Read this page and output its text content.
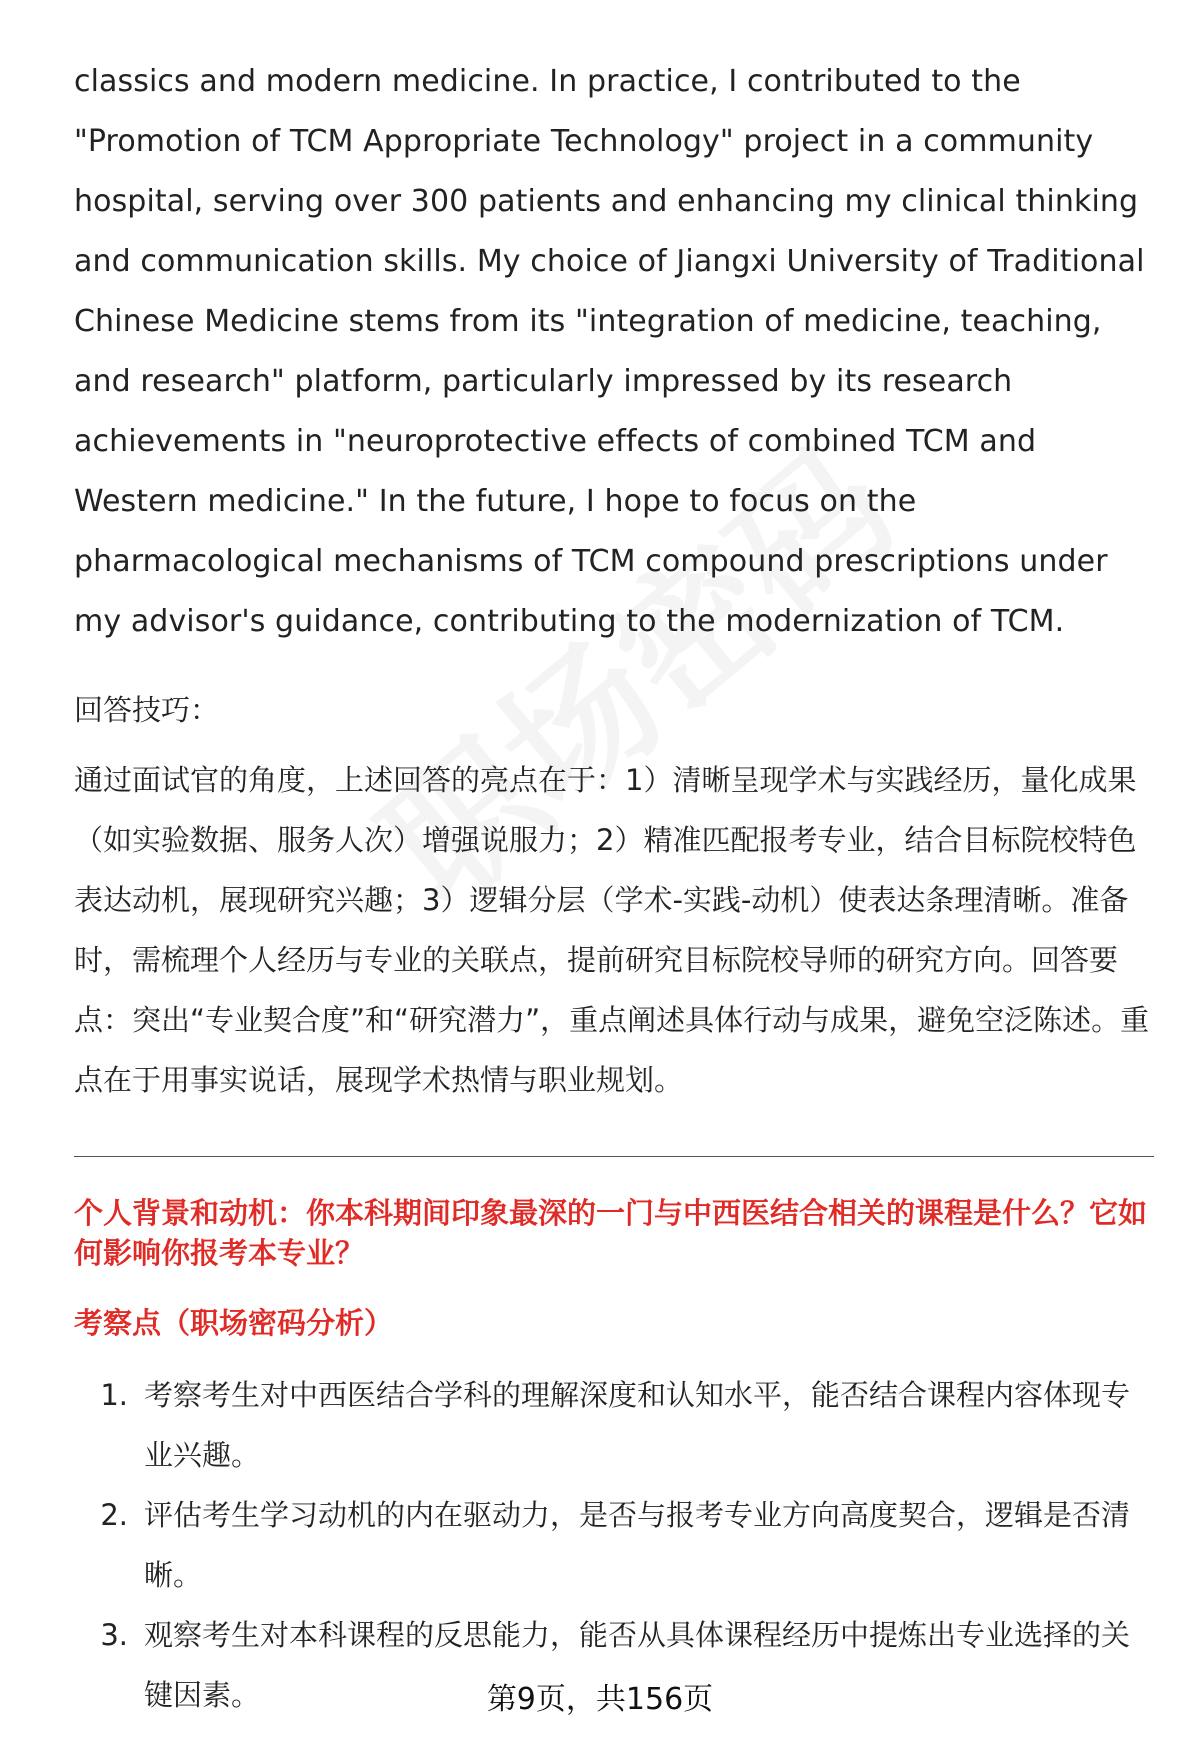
classics and modern medicine. In practice, I contributed to the "Promotion of TCM Appropriate Technology" project in a community hospital, serving over 300 patients and enhancing my clinical thinking and communication skills. My choice of Jiangxi University of Traditional Chinese Medicine stems from its "integration of medicine, teaching, and research" platform, particularly impressed by its research achievements in "neuroprotective effects of combined TCM and Western medicine." In the future, I hope to focus on the pharmacological mechanisms of TCM compound prescriptions under my advisor's guidance, contributing to the modernization of TCM.

回答技巧：

通过面试官的角度，上述回答的亮点在于：1）清晰呈现学术与实践经历，量化成果（如实验数据、服务人次）增强说服力；2）精准匹配报考专业，结合目标院校特色表达动机，展现研究兴趣；3）逻辑分层（学术-实践-动机）使表达条理清晰。准备时，需梳理个人经历与专业的关联点，提前研究目标院校导师的研究方向。回答要点：突出“专业契合度”和“研究潜力”，重点阐述具体行动与成果，避免空泛陈述。重点在于用事实说话，展现学术热情与职业规划。

个人背景和动机：你本科期间印象最深的一门与中西医结合相关的课程是什么？它如何影响你报考本专业？

考察点（职场密码分析）
1. 考察考生对中西医结合学科的理解深度和认知水平，能否结合课程内容体现专业兴趣。
2. 评估考生学习动机的内在驱动力，是否与报考专业方向高度契合，逻辑是否清晰。
3. 观察考生对本科课程的反思能力，能否从具体课程经历中提炼出专业选择的关键因素。	第9页，共156页
